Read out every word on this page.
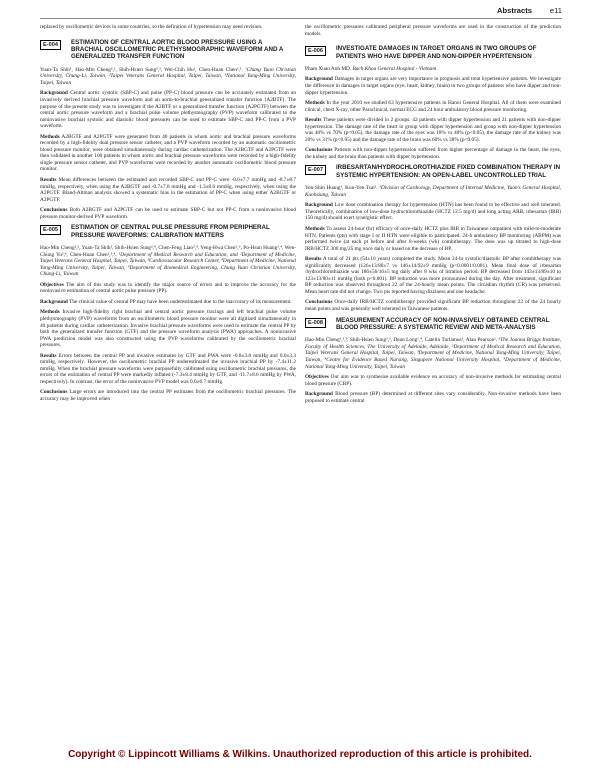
Abstracts e11

replaced by oscillometric devices in some countries, so the definition of hypertension may need revision.

E-004	ESTIMATION OF CENTRAL AORTIC BLOOD PRESSURE USING A BRACHIAL OSCILLOMETRIC PLETHYSMOGRAPHIC WAVEFORM AND A GENERALIZED TRANSFER FUNCTION

Yuan-Ta Shih¹, Hao-Min Cheng²,³, Shih-Hsien Sung²,³, Wei-Chih Hu¹, Chen-Huan Chen²,³. ¹Chung Yuan Christian University, Chung-Li, Taiwan, ²Taipei Veterans General Hospital, Taipei, Taiwan, ³National Yang-Ming University, Taipei, Taiwan

Background Central aortic systolic (SBP-C) and pulse (PP-C) blood pressure can be accurately estimated from an invasively derived brachial pressure waveform and an aorto-to-brachial generalized transfer function (A2BTF). The purpose of the present study was to investigate if the A2BTF or a generalized transfer function (A2PGTF) between the central aortic pressure waveform and a brachial pulse volume plethysmography (PVP) waveform calibrated to the noninvasive brachial systolic and diastolic blood pressures can be used to estimate SBP-C and PP-C from a PVP waveform.

Methods A2BGTF and A2PGTF were generated from 40 patients in whom aortic and brachial pressure waveforms recorded by a high-fidelity dual pressure sensor catheter, and a PVP waveform recorded by an automatic oscillometric blood pressure monitor, were obtained simultaneously during cardiac catheterization. The A2BGTF and A2PGTF were then validated in another 100 patients in whom aortic and brachial pressure waveforms were recorded by a high-fidelity single pressure sensor catheter, and PVP waveforms were recorded by another automatic oscillometric blood pressure monitor.

Results Mean differences between the estimated and recorded SBP-C and PP-C were -0.6±7.7 mmHg and -8.7±8.7 mmHg, respectively, when using the A2BGTF and -0.7±7.8 mmHg and -1.3±8.6 mmHg, respectively, when using the A2PGTF. Bland-Altman analysis showed a systematic bias in the estimation of PP-C when using either A2BGTF or A2PGTF.

Conclusions Both A2BGTF and A2PGTF can be used to estimate SBP-C but not PP-C from a noninvasive blood pressure monitor-derived PVP waveform.

E-005	ESTIMATION OF CENTRAL PULSE PRESSURE FROM PERIPHERAL PRESSURE WAVEFORMS: CALIBRATION MATTERS

Hao-Min Cheng¹,², Yuan-Ta Shih³, Shih-Hsien Sung²,⁴, Chen-Feng Liao²,⁴, Yeng-Hwa Chen⁵,⁶, Po-Hsun Huang²,⁴, Wen-Chung Yu²,⁴, Chen-Huan Chen¹,²,⁴. ¹Department of Medical Research and Education, and ²Department of Medicine, Taipei Veterans General Hospital, Taipei, Taiwan, ³Cardiovascular Research Center, ⁴Department of Medicine, National Yang-Ming University, Taipei, Taiwan, ⁵Department of Biomedical Engineering, Chung Yuan Christian University, Chung-Li, Taiwan

Objectives The aim of this study was to identify the major source of errors and to improve the accuracy for the noninvasive estimation of central aortic pulse pressure (PP).

Background The clinical value of central PP may have been underestimated due to the inaccuracy of its measurement.

Methods Invasive high-fidelity right brachial and central aortic pressure tracings and left brachial pulse volume plethysmography (PVP) waveforms from an oscillometric blood pressure monitor were all digitized simultaneously in 40 patients during cardiac catheterization. Invasive brachial pressure waveforms were used to estimate the central PP by both the generalized transfer function (GTF) and the pressure waveform analysis (PWA) approaches. A noninvasive PWA prediction model was also constructed using the PVP waveforms calibrated by the oscillometric brachial pressures.

Results Errors between the central PP and invasive estimates by GTF and PWA were -0.8±3.8 mmHg and 0.0±3.3 mmHg, respectively. However, the oscillometric brachial PP underestimated the invasive brachial PP by -7.4±11.2 mmHg. When the brachial pressure waveforms were purposefully calibrated using oscillometric brachial pressures, the errors of the estimation of central PP were markedly inflated (-7.3±8.4 mmHg by GTF, and -11.7±8.6 mmHg by PWA, respectively). In contrast, the error of the noninvasive PVP model was 0.0±6.7 mmHg.

Conclusions Large errors are introduced into the central PP estimates from the oscillometric brachial pressures. The accuracy may be improved when

the oscillometric pressures calibrated peripheral pressure waveforms are used in the construction of the prediction models.

E-006	INVESTIGATE DAMAGES IN TARGET ORGANS IN TWO GROUPS OF PATIENTS WHO HAVE DIPPER AND NON-DIPPER HYPERTENSION

Pham Xuan Anh MD. Bach Khoa General Hospital - Vietnam

Background Damages in target organs are very importance in prognosis and treat hypertensive patients. We investigate the difference in damages in target organs (eye, heart, kidney, brain) in two groups of patients who have dipper and non-dipper hypertension.

Methods In the year 2010 we studied 63 hypertensive patients in Hanoi General Hospital. All of them were examined clinical, chest X-ray, other Paraclinical, normal ECG and 24 hour ambulatory blood pressure monitoring.

Results These patients were divided in 2 groups: 42 patients with dipper hypertension and 21 patients with non-dipper hypertension. The damage rate of the heart in group with dipper hypertension and group with non-dipper hypertension was 40% vs 70% (p<0.05), the damage rate of the eyes was 18% vs 40% (p<0.05), the damage rate of the kidney was 20% vs 31% (p<0.05) and the damage rate of the brain was 60% vs 38% (p<0.05).

Conclusions Patients with non-dipper hypertension suffered from higher percentage of damage in the heart, the eyes, the kidney and the brain than patients with dipper hypertension.

E-007	IRBESARTAN/HYDROCHLOROTHIAZIDE FIXED COMBINATION THERAPY IN SYSTEMIC HYPERTENSION: AN OPEN-LABEL UNCONTROLLED TRIAL

Yen-Shin Huang¹, Kun-Yen Tsai¹. ¹Division of Cardiology, Department of Internal Medicine, Yuan's General Hospital, Kaohsiung, Taiwan

Background Low dose combination therapy for hypertension (HTN) has been found to be effective and well tolerated. Theoretically, combination of low-dose hydrochlorothiazide (HCTZ 12.5 mg/d) and long acting ARB, irbesartan (IRB) 150 mg/d) should exert synergistic effect.

Methods To assess 24-hour (hr) efficacy of once-daily HCTZ plus IRB in Taiwanese outpatient with mild-to-moderate HTN. Patients (pts) with stage I or II HTN were eligible to participated. 24-h ambulatory BP monitoring (ABPM) was performed twice (at each pt before and after 8-weeks (wk) combitherapy. The dose was up titrated to high-dose IRB/HCTZ 300 mg/25 mg once daily or based on the decrease of BP.

Results A total of 21 pts (54±10 years) completed the study. Mean 24-hr systolic/diastolic BP after combitherapy was significantly decreased (126±13/80±7 vs 146±14/92±9 mmHg (p<0.0001/0.001). Mean final dose of irbesartan /hydrochlorothiazide was 186±56/16±5 mg daily after 8 wks of titration period. BP decreased from 143±13/89±10 to 123±13/80±11 mmHg (both p<0.001). BP reduction was more pronounced during the day. After treatment, significant BP reduction was observed throughout 22 of the 24-hourly mean points. The circadian rhythm (CR) was preserved. Mean heart rate did not change. Two pts reported having dizziness and one headache.

Conclusions Once-daily IRB/HCTZ combitherapy provided significant BP reduction throughout 22 of the 24 hourly mean points and was generally well tolerated in Taiwanese patients.

E-008	MEASUREMENT ACCURACY OF NON-INVASIVELY OBTAINED CENTRAL BLOOD PRESSURE: A SYSTEMATIC REVIEW AND META-ANALYSIS

Hao-Min Cheng¹,²,³, Shih-Hsien Sung²,³, Dean Long¹,⁴, Catelin Turlamus¹, Alan Pearson¹. ¹The Joanna Briggs Institute, Faculty of Health Sciences, The University of Adelaide, Adelaide, ²Department of Medical Research and Education, Taipei Veterans General Hospital, Taipei, Taiwan, ³Department of Medicine, National Yang-Ming University, Taipei, Taiwan, ⁴Centre for Evidence Based Nursing, Singapore National University Hospital, ⁵Department of Medicine, National Yang-Ming University, Taipei, Taiwan

Objectives Our aim was to synthesise available evidence on accuracy of non-invasive methods for estimating central blood pressure (CBP).

Background Blood pressure (BP) determined at different sites vary considerably. Non-invasive methods have been proposed to estimate central

Copyright © Lippincott Williams & Wilkins. Unauthorized reproduction of this article is prohibited.
